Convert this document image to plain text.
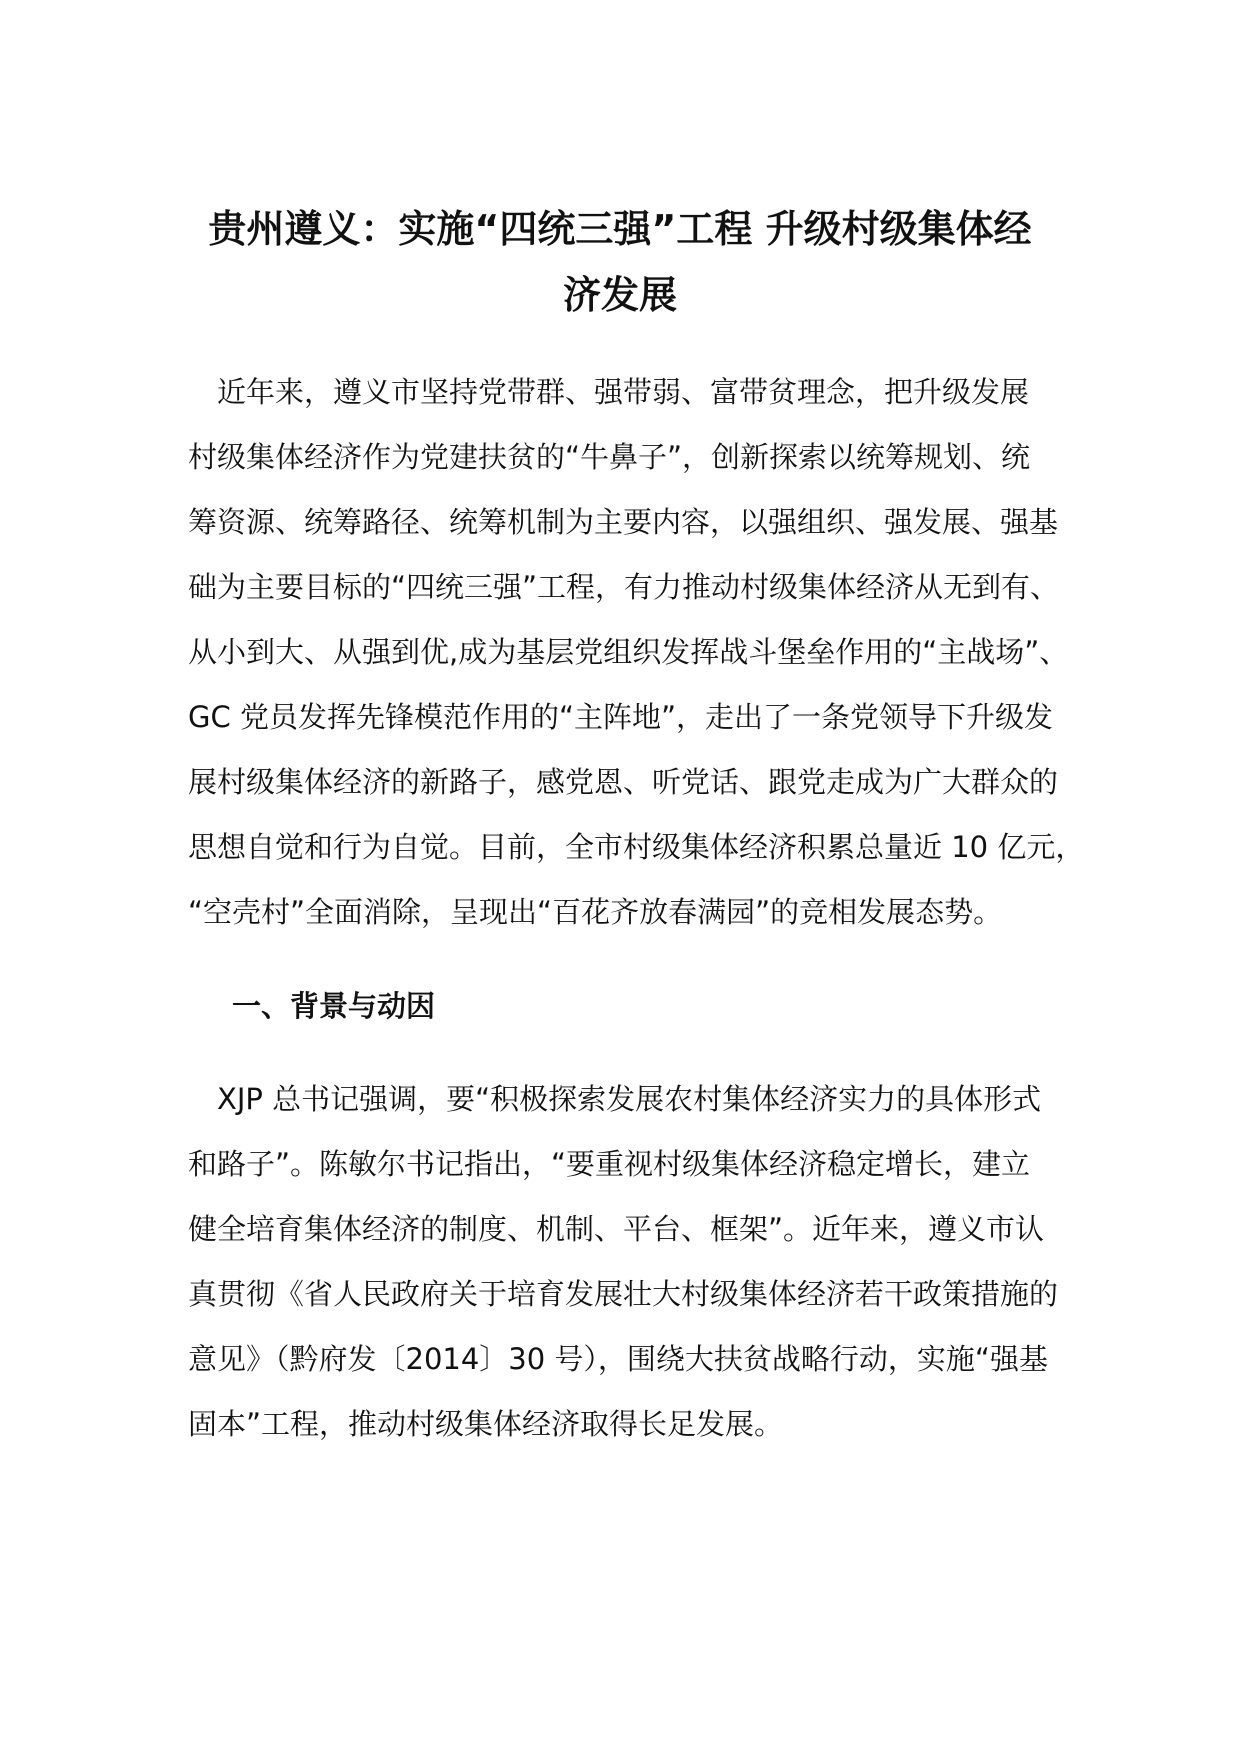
贵州遵义：实施“四统三强”工程 升级村级集体经
济发展
　近年来，遵义市坚持党带群、强带弱、富带贫理念，把升级发展
村级集体经济作为党建扶贫的“牛鼻子”，创新探索以统筹规划、统
筹资源、统筹路径、统筹机制为主要内容，以强组织、强发展、强基
础为主要目标的“四统三强”工程，有力推动村级集体经济从无到有、
从小到大、从强到优,成为基层党组织发挥战斗堡垒作用的“主战场”、
GC 党员发挥先锋模范作用的“主阵地”，走出了一条党领导下升级发
展村级集体经济的新路子，感党恩、听党话、跟党走成为广大群众的
思想自觉和行为自觉。目前，全市村级集体经济积累总量近 10 亿元，
“空壳村”全面消除，呈现出“百花齐放春满园”的竞相发展态势。
一、背景与动因
　XJP 总书记强调，要“积极探索发展农村集体经济实力的具体形式
和路子”。陈敏尔书记指出，“要重视村级集体经济稳定增长，建立
健全培育集体经济的制度、机制、平台、框架”。近年来，遵义市认
真贯彻《省人民政府关于培育发展壮大村级集体经济若干政策措施的
意见》（黔府发〔2014〕30 号），围绕大扶贫战略行动，实施“强基
固本”工程，推动村级集体经济取得长足发展。
